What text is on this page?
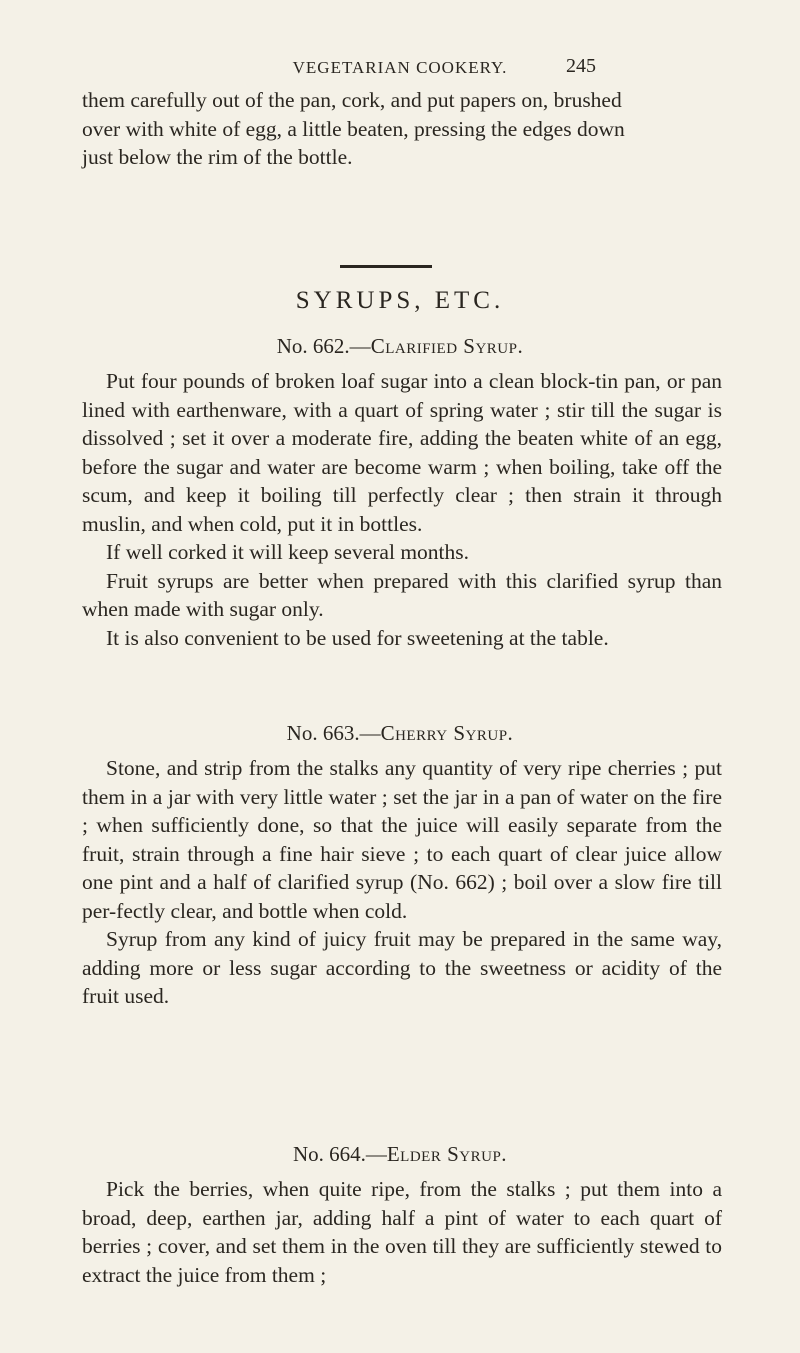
VEGETARIAN COOKERY.	245

them carefully out of the pan, cork, and put papers on, brushed

over with white of egg, a little beaten, pressing the edges down

just below the rim of the bottle.

SYRUPS, ETC.
No. 662.—Clarified Syrup.

Put four pounds of broken loaf sugar into a clean block-tin pan, or pan lined with earthenware, with a quart of spring water ; stir till the sugar is dissolved ; set it over a moderate fire, adding the beaten white of an egg, before the sugar and water are become warm ; when boiling, take off the scum, and keep it boiling till perfectly clear ; then strain it through muslin, and when cold, put it in bottles.

If well corked it will keep several months.

Fruit syrups are better when prepared with this clarified syrup than when made with sugar only.

It is also convenient to be used for sweetening at the table.

No. 663.—Cherry Syrup.

Stone, and strip from the stalks any quantity of very ripe cherries ; put them in a jar with very little water ; set the jar in a pan of water on the fire ; when sufficiently done, so that the juice will easily separate from the fruit, strain through a fine hair sieve ; to each quart of clear juice allow one pint and a half of clarified syrup (No. 662) ; boil over a slow fire till per-fectly clear, and bottle when cold.

Syrup from any kind of juicy fruit may be prepared in the same way, adding more or less sugar according to the sweetness or acidity of the fruit used.

No. 664.—Elder Syrup.

Pick the berries, when quite ripe, from the stalks ; put them into a broad, deep, earthen jar, adding half a pint of water to each quart of berries ; cover, and set them in the oven till they are sufficiently stewed to extract the juice from them ;
